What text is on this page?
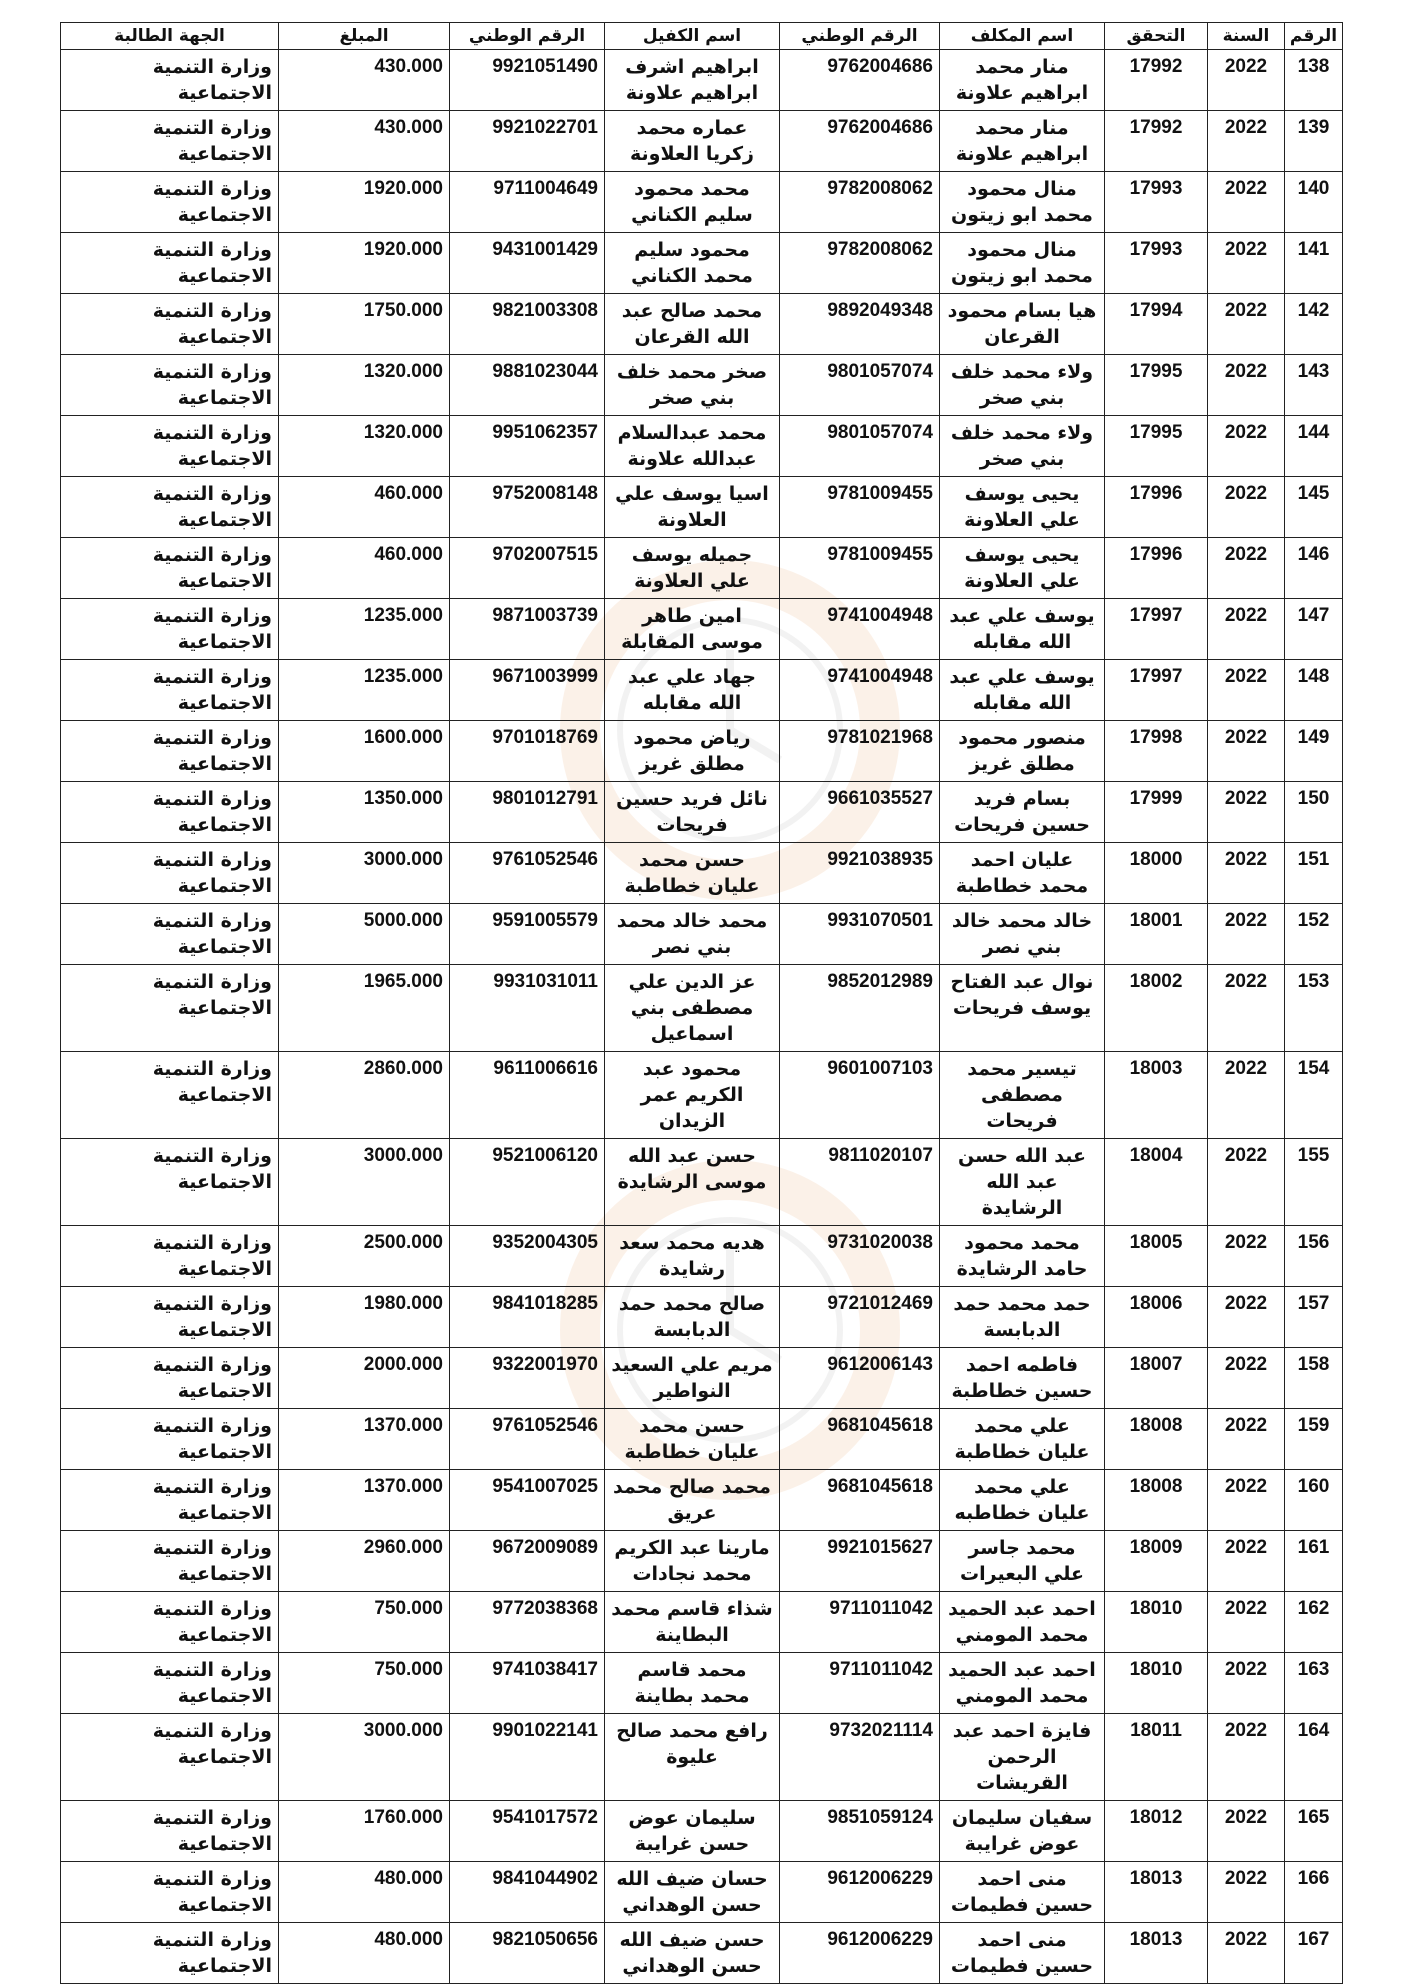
الرقم	السنة	التحقق	اسم المكلف	الرقم الوطني	اسم الكفيل	الرقم الوطني	المبلغ	الجهة الطالبة
138	2022	17992	منار محمد ابراهيم علاونة	9762004686	ابراهيم اشرف ابراهيم علاونة	9921051490	430.000	وزارة التنمية الاجتماعية
139	2022	17992	منار محمد ابراهيم علاونة	9762004686	عماره محمد زكريا العلاونة	9921022701	430.000	وزارة التنمية الاجتماعية
140	2022	17993	منال محمود محمد ابو زيتون	9782008062	محمد محمود سليم الكناني	9711004649	1920.000	وزارة التنمية الاجتماعية
141	2022	17993	منال محمود محمد ابو زيتون	9782008062	محمود سليم محمد الكناني	9431001429	1920.000	وزارة التنمية الاجتماعية
142	2022	17994	هيا بسام محمود القرعان	9892049348	محمد صالح عبد الله القرعان	9821003308	1750.000	وزارة التنمية الاجتماعية
143	2022	17995	ولاء محمد خلف بني صخر	9801057074	صخر محمد خلف بني صخر	9881023044	1320.000	وزارة التنمية الاجتماعية
144	2022	17995	ولاء محمد خلف بني صخر	9801057074	محمد عبدالسلام عبدالله علاونة	9951062357	1320.000	وزارة التنمية الاجتماعية
145	2022	17996	يحيى يوسف علي العلاونة	9781009455	اسيا يوسف علي العلاونة	9752008148	460.000	وزارة التنمية الاجتماعية
146	2022	17996	يحيى يوسف علي العلاونة	9781009455	جميله يوسف علي العلاونة	9702007515	460.000	وزارة التنمية الاجتماعية
147	2022	17997	يوسف علي عبد الله مقابله	9741004948	امين طاهر موسى المقابلة	9871003739	1235.000	وزارة التنمية الاجتماعية
148	2022	17997	يوسف علي عبد الله مقابله	9741004948	جهاد علي عبد الله مقابله	9671003999	1235.000	وزارة التنمية الاجتماعية
149	2022	17998	منصور محمود مطلق غريز	9781021968	رياض محمود مطلق غريز	9701018769	1600.000	وزارة التنمية الاجتماعية
150	2022	17999	بسام فريد حسين فريحات	9661035527	نائل فريد حسين فريحات	9801012791	1350.000	وزارة التنمية الاجتماعية
151	2022	18000	عليان احمد محمد خطاطبة	9921038935	حسن محمد عليان خطاطبة	9761052546	3000.000	وزارة التنمية الاجتماعية
152	2022	18001	خالد محمد خالد بني نصر	9931070501	محمد خالد محمد بني نصر	9591005579	5000.000	وزارة التنمية الاجتماعية
153	2022	18002	نوال عبد الفتاح يوسف فريحات	9852012989	عز الدين علي مصطفى بني اسماعيل	9931031011	1965.000	وزارة التنمية الاجتماعية
154	2022	18003	تيسير محمد مصطفى فريحات	9601007103	محمود عبد الكريم عمر الزيدان	9611006616	2860.000	وزارة التنمية الاجتماعية
155	2022	18004	عبد الله حسن عبد الله الرشايدة	9811020107	حسن عبد الله موسى الرشايدة	9521006120	3000.000	وزارة التنمية الاجتماعية
156	2022	18005	محمد محمود حامد الرشايدة	9731020038	هديه محمد سعد رشايدة	9352004305	2500.000	وزارة التنمية الاجتماعية
157	2022	18006	حمد محمد حمد الدبابسة	9721012469	صالح محمد حمد الدبابسة	9841018285	1980.000	وزارة التنمية الاجتماعية
158	2022	18007	فاطمه احمد حسين خطاطبة	9612006143	مريم علي السعيد النواطير	9322001970	2000.000	وزارة التنمية الاجتماعية
159	2022	18008	علي محمد عليان خطاطبة	9681045618	حسن محمد عليان خطاطبة	9761052546	1370.000	وزارة التنمية الاجتماعية
160	2022	18008	علي محمد عليان خطاطبه	9681045618	محمد صالح محمد عريق	9541007025	1370.000	وزارة التنمية الاجتماعية
161	2022	18009	محمد جاسر علي البعيرات	9921015627	مارينا عبد الكريم محمد نجادات	9672009089	2960.000	وزارة التنمية الاجتماعية
162	2022	18010	احمد عبد الحميد محمد المومني	9711011042	شذاء قاسم محمد البطاينة	9772038368	750.000	وزارة التنمية الاجتماعية
163	2022	18010	احمد عبد الحميد محمد المومني	9711011042	محمد قاسم محمد بطاينة	9741038417	750.000	وزارة التنمية الاجتماعية
164	2022	18011	فايزة احمد عبد الرحمن القريشات	9732021114	رافع محمد صالح عليوة	9901022141	3000.000	وزارة التنمية الاجتماعية
165	2022	18012	سفيان سليمان عوض غرايبة	9851059124	سليمان عوض حسن غرايبة	9541017572	1760.000	وزارة التنمية الاجتماعية
166	2022	18013	منى احمد حسين فطيمات	9612006229	حسان ضيف الله حسن الوهداني	9841044902	480.000	وزارة التنمية الاجتماعية
167	2022	18013	منى احمد حسين فطيمات	9612006229	حسن ضيف الله حسن الوهداني	9821050656	480.000	وزارة التنمية الاجتماعية
